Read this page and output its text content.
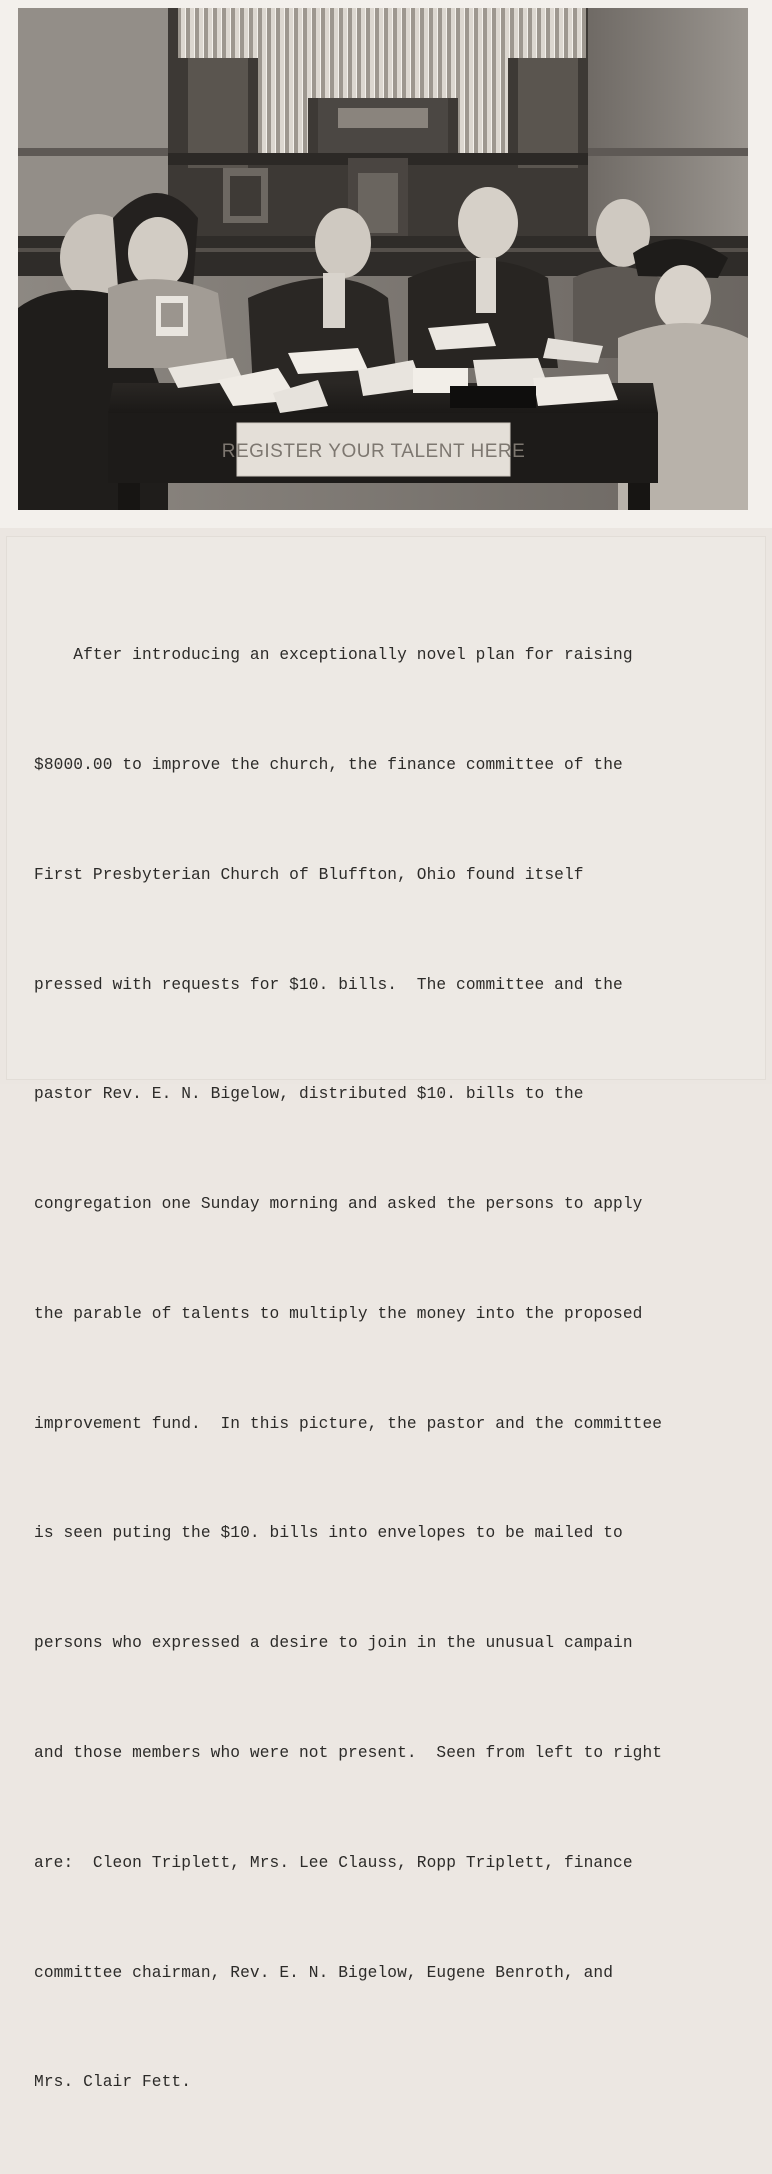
REGISTER YOUR TALENT HERE

After introducing an exceptionally novel plan for raising

$8000.00 to improve the church, the finance committee of the

First Presbyterian Church of Bluffton, Ohio found itself

pressed with requests for $10. bills.  The committee and the

pastor Rev. E. N. Bigelow, distributed $10. bills to the

congregation one Sunday morning and asked the persons to apply

the parable of talents to multiply the money into the proposed

improvement fund.  In this picture, the pastor and the committee

is seen puting the $10. bills into envelopes to be mailed to

persons who expressed a desire to join in the unusual campain

and those members who were not present.  Seen from left to right

are:  Cleon Triplett, Mrs. Lee Clauss, Ropp Triplett, finance

committee chairman, Rev. E. N. Bigelow, Eugene Benroth, and

Mrs. Clair Fett.
